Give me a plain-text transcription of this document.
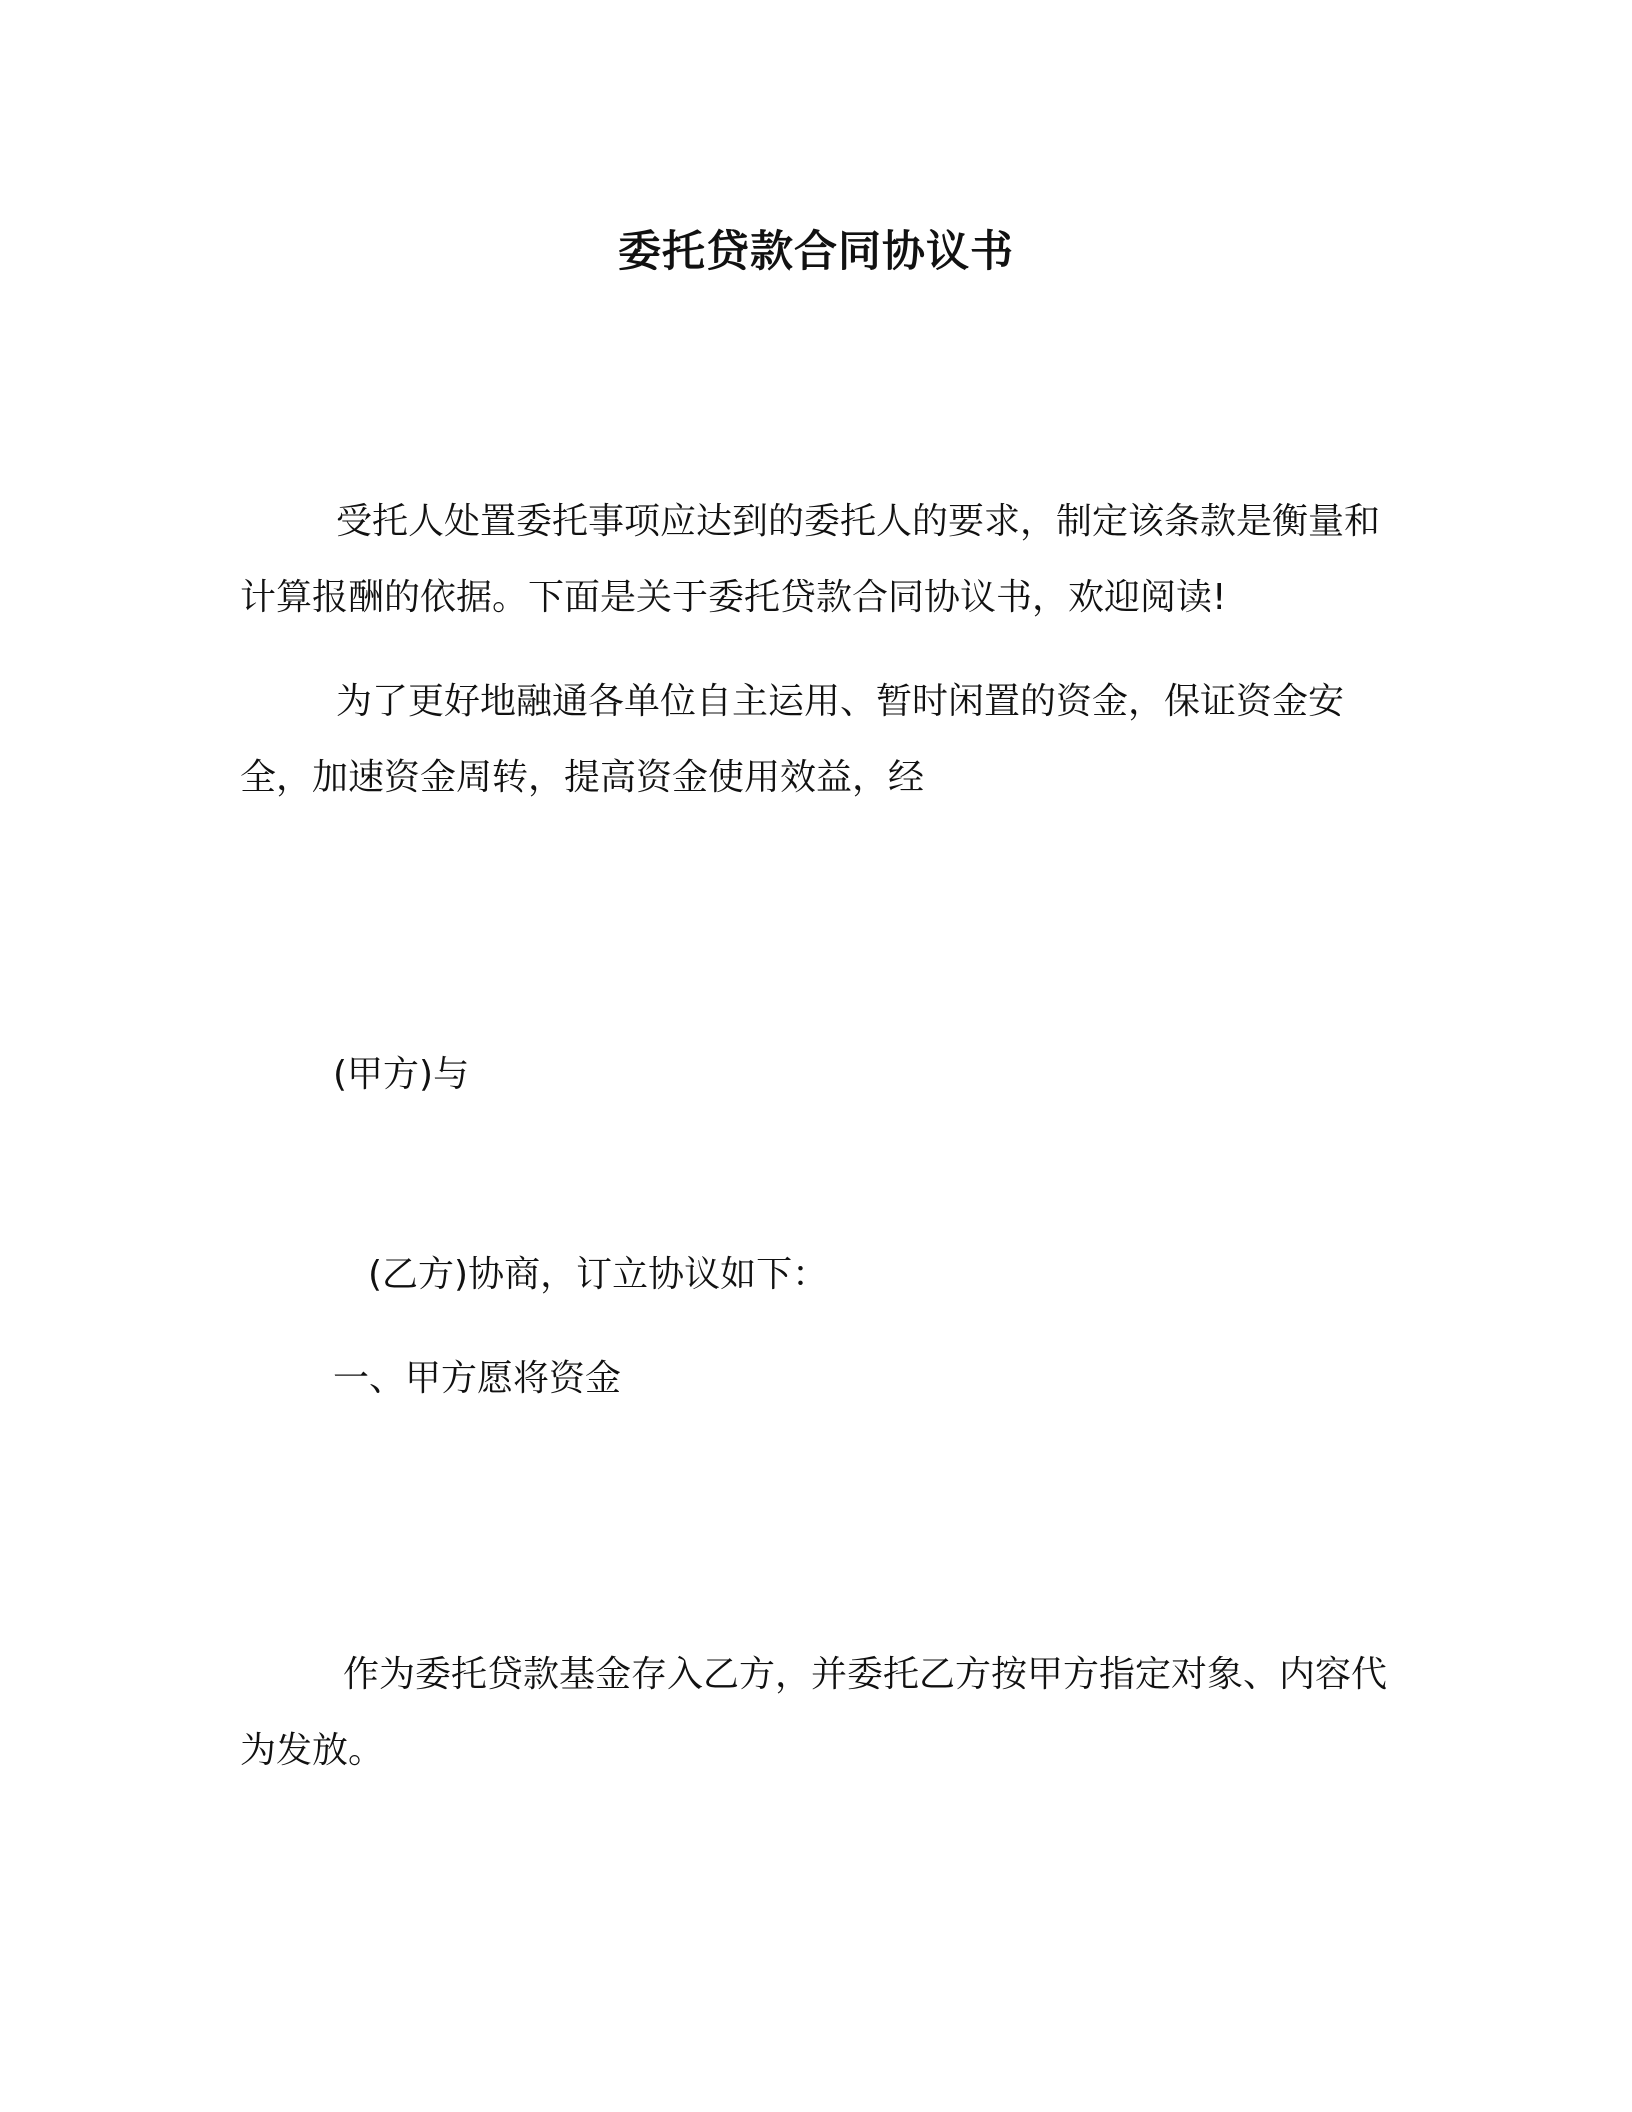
委托贷款合同协议书

受托人处置委托事项应达到的委托人的要求，制定该条款是衡量和计算报酬的依据。下面是关于委托贷款合同协议书，欢迎阅读!

为了更好地融通各单位自主运用、暂时闲置的资金，保证资金安全，加速资金周转，提高资金使用效益，经

(甲方)与

(乙方)协商，订立协议如下：

一、甲方愿将资金

作为委托贷款基金存入乙方，并委托乙方按甲方指定对象、内容代为发放。
